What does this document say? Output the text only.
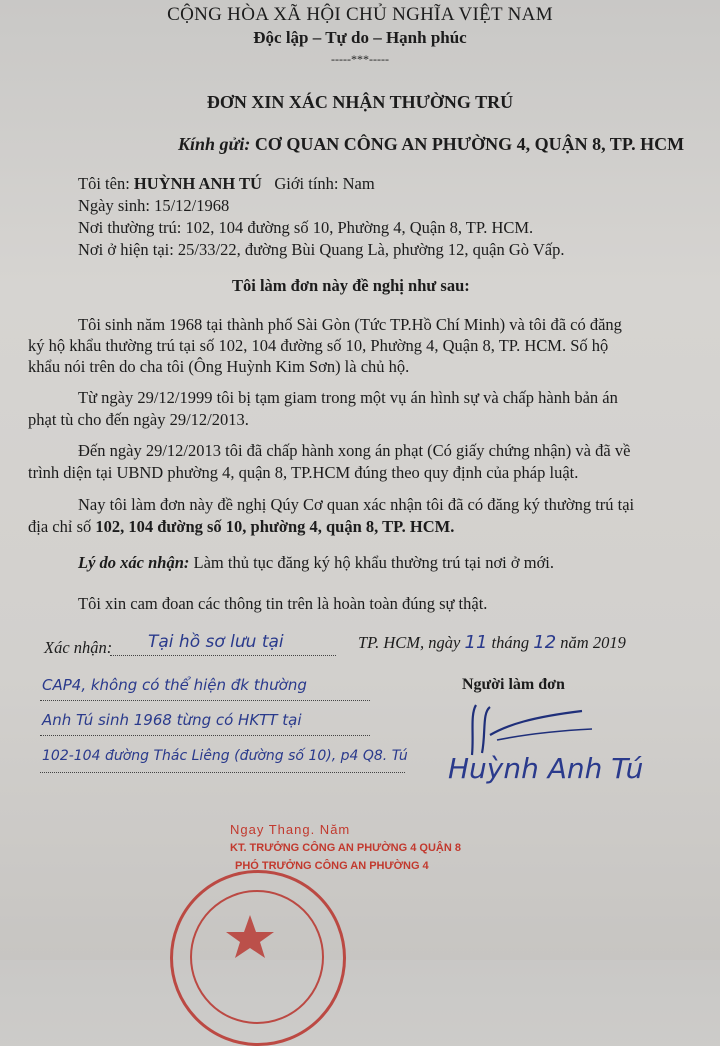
CỘNG HÒA XÃ HỘI CHỦ NGHĨA VIỆT NAM
Độc lập – Tự do – Hạnh phúc
-----***-----
ĐƠN XIN XÁC NHẬN THƯỜNG TRÚ
Kính gửi: CƠ QUAN CÔNG AN PHƯỜNG 4, QUẬN 8, TP. HCM
Tôi tên: HUỲNH ANH TÚ Giới tính: Nam
Ngày sinh: 15/12/1968
Nơi thường trú: 102, 104 đường số 10, Phường 4, Quận 8, TP. HCM.
Nơi ở hiện tại: 25/33/22, đường Bùi Quang Là, phường 12, quận Gò Vấp.
Tôi làm đơn này đề nghị như sau:
Tôi sinh năm 1968 tại thành phố Sài Gòn (Tức TP.Hồ Chí Minh) và tôi đã có đăng
ký hộ khẩu thường trú tại số 102, 104 đường số 10, Phường 4, Quận 8, TP. HCM. Số hộ
khẩu nói trên do cha tôi (Ông Huỳnh Kim Sơn) là chủ hộ.
Từ ngày 29/12/1999 tôi bị tạm giam trong một vụ án hình sự và chấp hành bản án
phạt tù cho đến ngày 29/12/2013.
Đến ngày 29/12/2013 tôi đã chấp hành xong án phạt (Có giấy chứng nhận) và đã về
trình diện tại UBND phường 4, quận 8, TP.HCM đúng theo quy định của pháp luật.
Nay tôi làm đơn này đề nghị Qúy Cơ quan xác nhận tôi đã có đăng ký thường trú tại
địa chỉ số 102, 104 đường số 10, phường 4, quận 8, TP. HCM.
Lý do xác nhận: Làm thủ tục đăng ký hộ khẩu thường trú tại nơi ở mới.
Tôi xin cam đoan các thông tin trên là hoàn toàn đúng sự thật.
Xác nhận: Tại hồ sơ lưu tại	TP. HCM, ngày 11 tháng 12 năm 2019
CAP4, không có thể hiện đk thường
Anh Tú sinh 1968 từng có HKTT tại
102-104 đường Thác Liêng (đường số 10), p4 Q8. Tú
Người làm đơn
Huỳnh Anh Tú
Ngay Thang. Năm
KT. TRƯỞNG CÔNG AN PHƯỜNG 4 QUẬN 8
PHÓ TRƯỞNG CÔNG AN PHƯỜNG 4
